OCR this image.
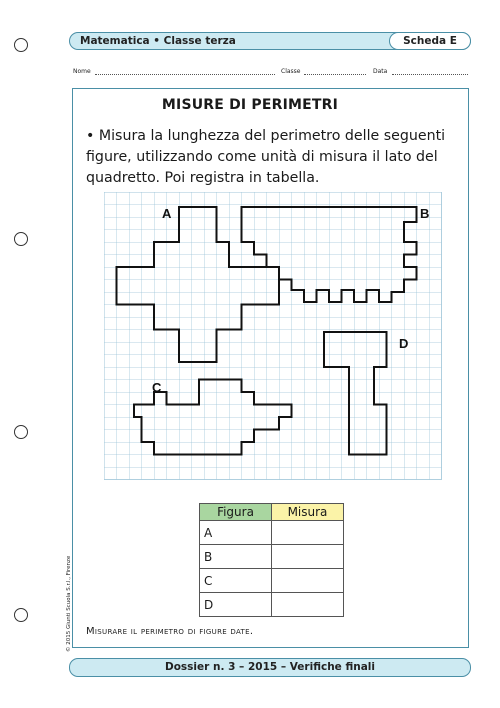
Matematica • Classe terza	Scheda E
Nome	Classe	Data
MISURE DI PERIMETRI
• Misura la lunghezza del perimetro delle seguenti figure, utilizzando come unità di misura il lato del quadretto. Poi registra in tabella.
A	B
C
D
Figura	Misura
A	
B	
C	
D	
Misurare il perimetro di figure date.
Dossier n. 3 – 2015 – Verifiche finali
© 2015 Giunti Scuola S.r.l., Firenze
